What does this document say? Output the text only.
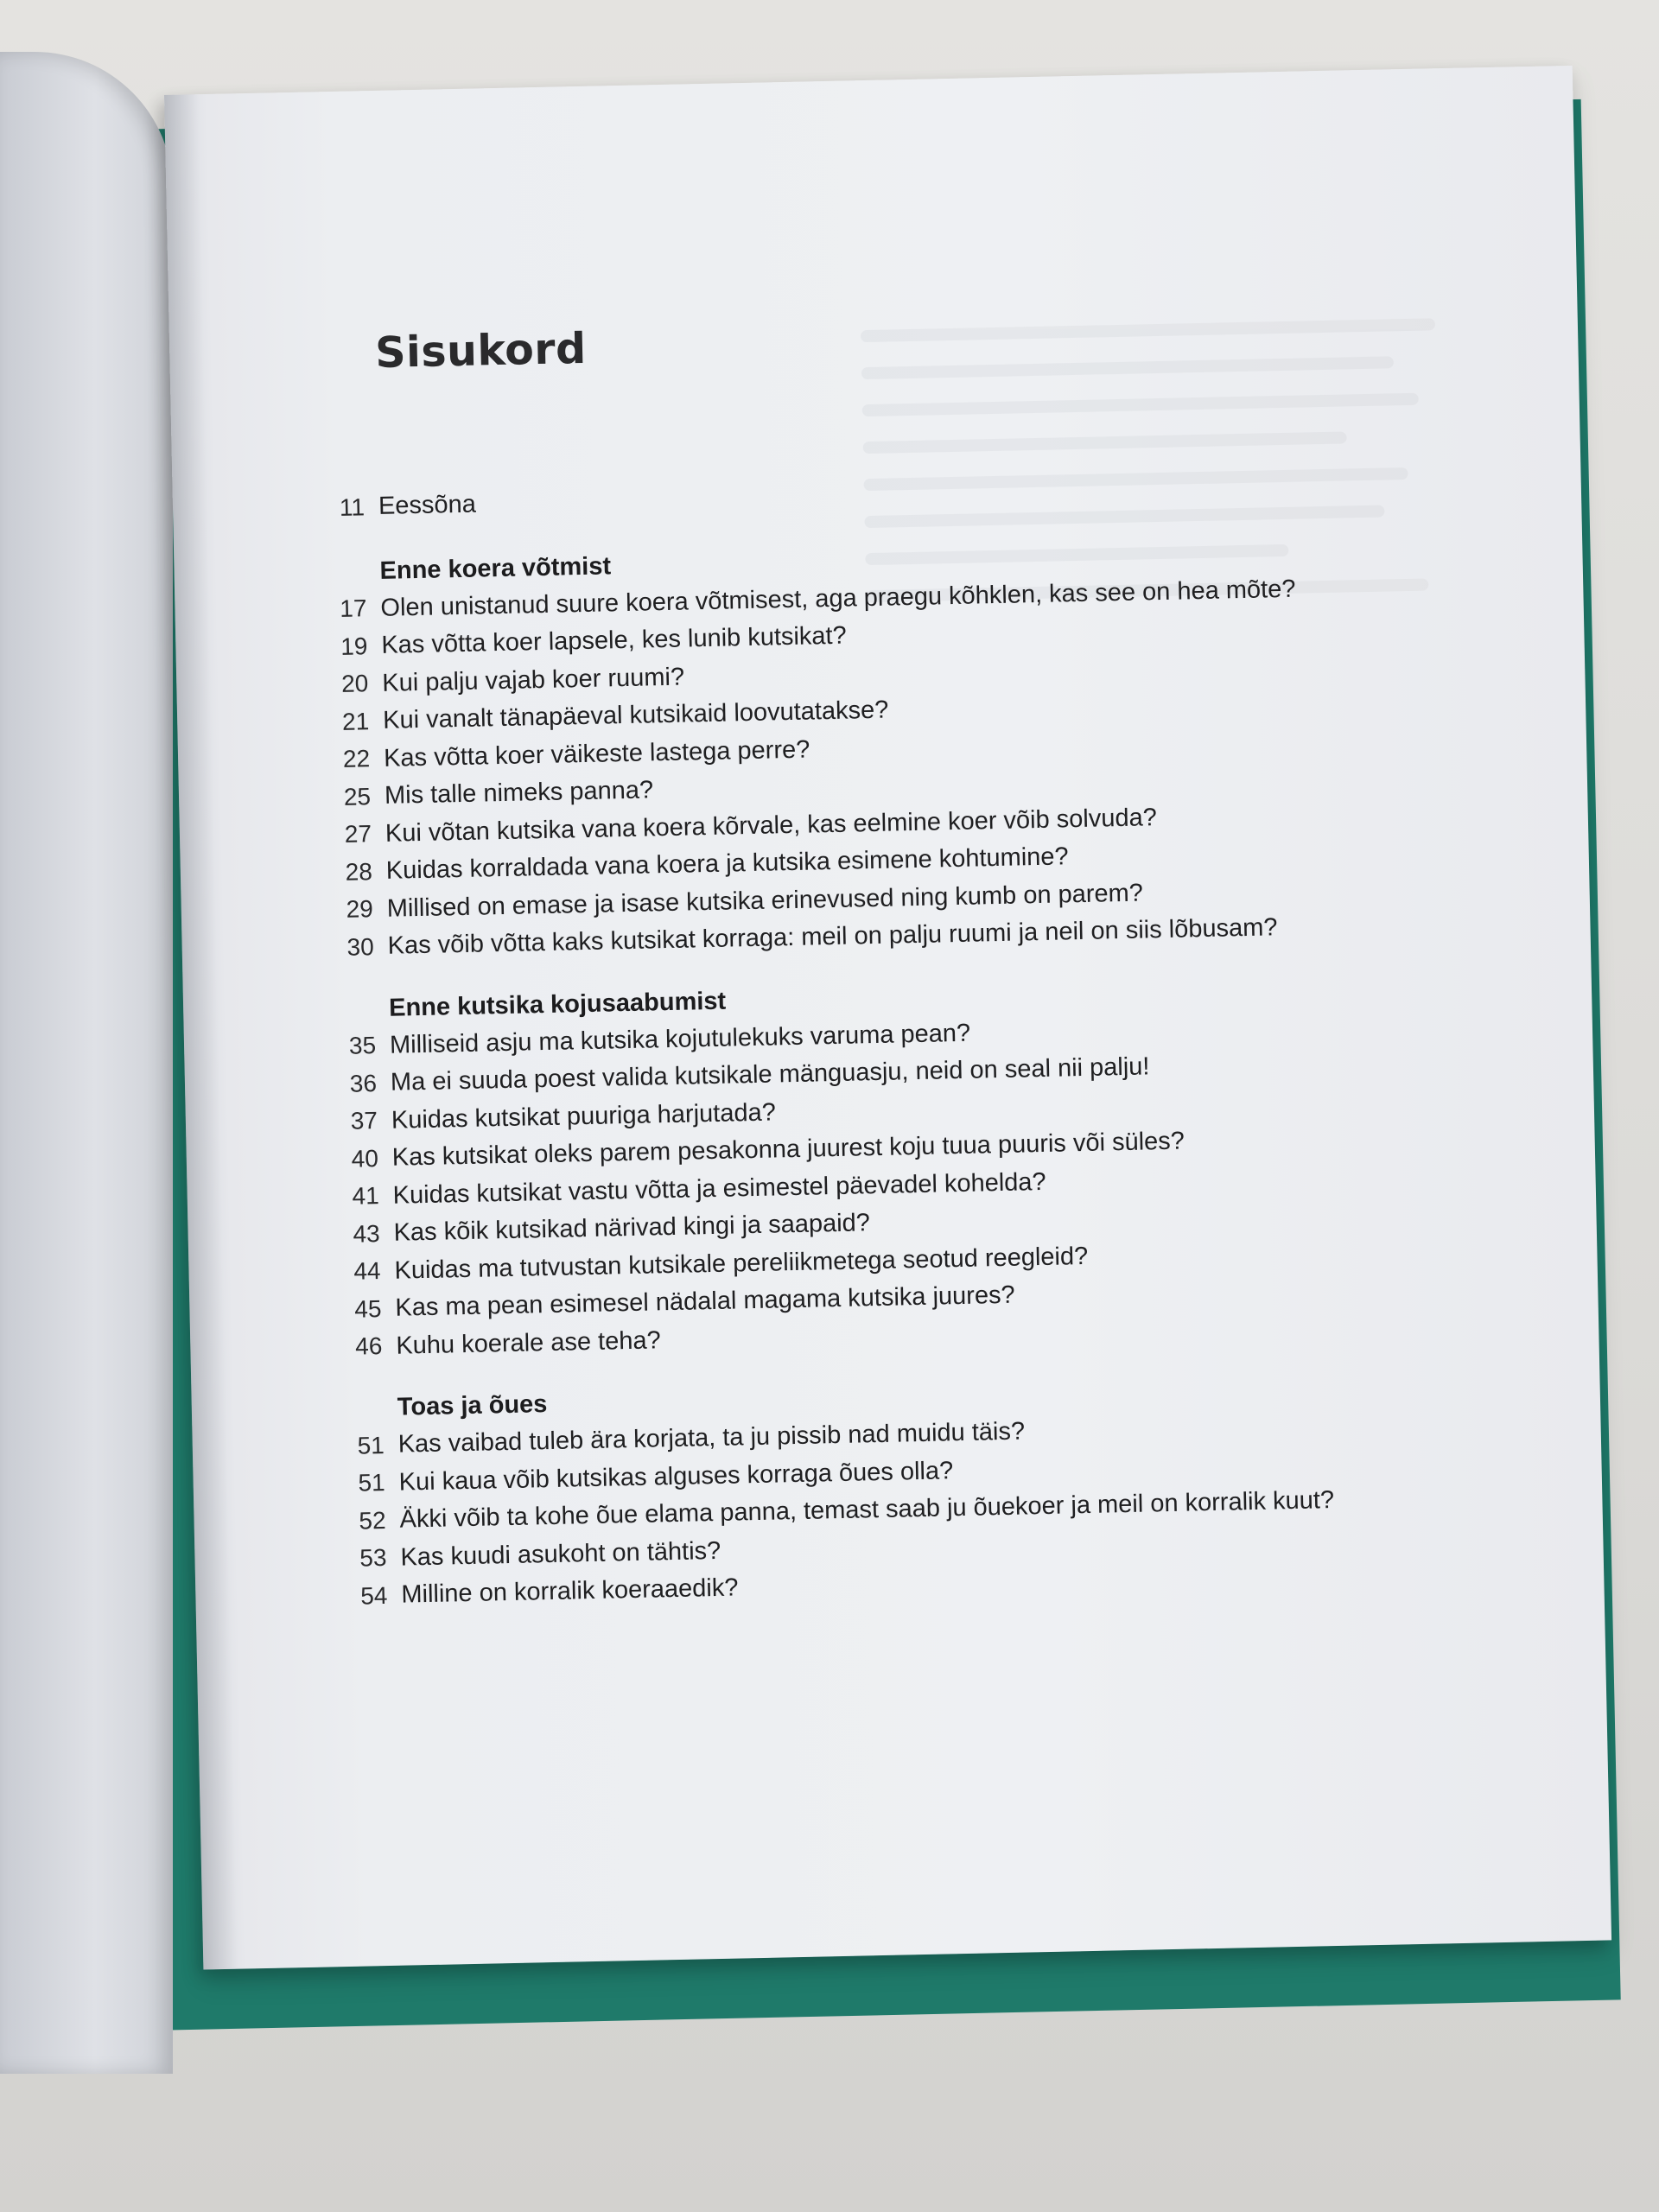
Sisukord
11 Eessõna
Enne koera võtmist
17 Olen unistanud suure koera võtmisest, aga praegu kõhklen, kas see on hea mõte?
19 Kas võtta koer lapsele, kes lunib kutsikat?
20 Kui palju vajab koer ruumi?
21 Kui vanalt tänapäeval kutsikaid loovutatakse?
22 Kas võtta koer väikeste lastega perre?
25 Mis talle nimeks panna?
27 Kui võtan kutsika vana koera kõrvale, kas eelmine koer võib solvuda?
28 Kuidas korraldada vana koera ja kutsika esimene kohtumine?
29 Millised on emase ja isase kutsika erinevused ning kumb on parem?
30 Kas võib võtta kaks kutsikat korraga: meil on palju ruumi ja neil on siis lõbusam?
Enne kutsika kojusaabumist
35 Milliseid asju ma kutsika kojutulekuks varuma pean?
36 Ma ei suuda poest valida kutsikale mänguasju, neid on seal nii palju!
37 Kuidas kutsikat puuriga harjutada?
40 Kas kutsikat oleks parem pesakonna juurest koju tuua puuris või süles?
41 Kuidas kutsikat vastu võtta ja esimestel päevadel kohelda?
43 Kas kõik kutsikad närivad kingi ja saapaid?
44 Kuidas ma tutvustan kutsikale pereliikmetega seotud reegleid?
45 Kas ma pean esimesel nädalal magama kutsika juures?
46 Kuhu koerale ase teha?
Toas ja õues
51 Kas vaibad tuleb ära korjata, ta ju pissib nad muidu täis?
51 Kui kaua võib kutsikas alguses korraga õues olla?
52 Äkki võib ta kohe õue elama panna, temast saab ju õuekoer ja meil on korralik kuut?
53 Kas kuudi asukoht on tähtis?
54 Milline on korralik koeraaedik?
